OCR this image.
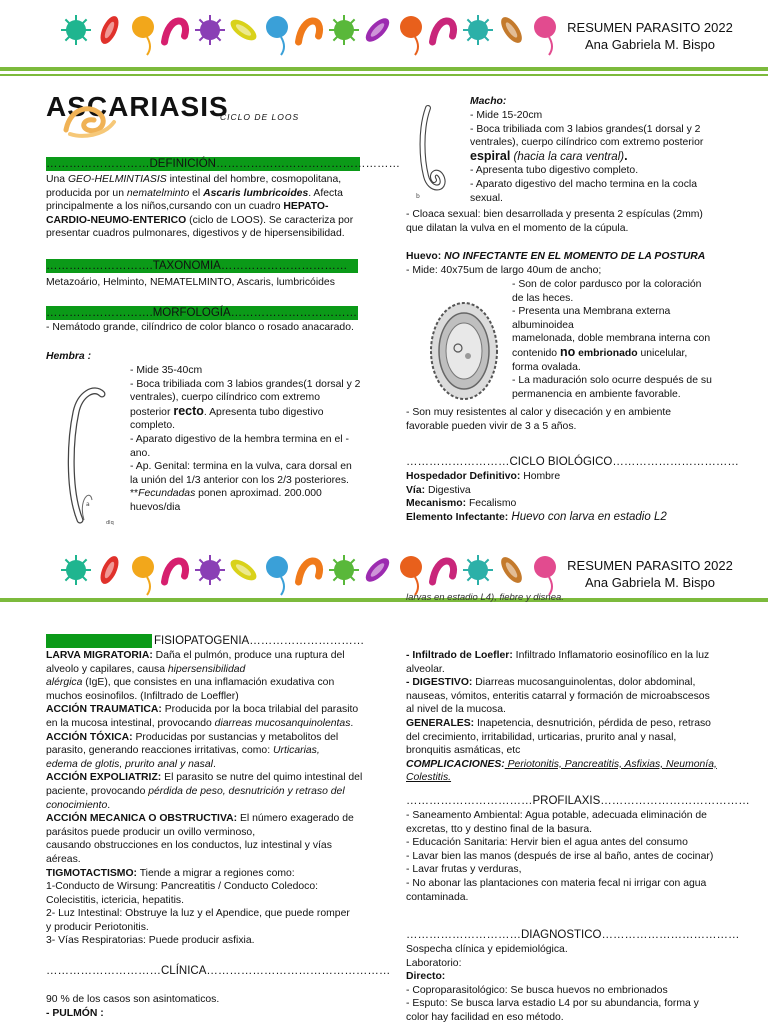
RESUMEN PARASITO 2022
Ana Gabriela M. Bispo
ASCARIASIS
CICLO DE LOOS
………………………DEFINICIÓN…………………………………………

Una GEO-HELMINTIASIS intestinal del hombre, cosmopolitana,

producida por un nematelminto el Ascaris lumbricoides. Afecta

principalmente a los niños,cursando con un cuadro HEPATO-

CARDIO-NEUMO-ENTERICO (ciclo de LOOS). Se caracteriza por

presentar cuadros pulmonares, digestivos y de hipersensibilidad.

……………………….TAXONOMIA……………………………
Metazoário, Helminto, NEMATELMINTO, Ascaris, lumbricóides
……………………….MORFOLOGÍA……………………………
- Nemátodo grande, cilíndrico de color blanco o rosado anacarado.
Hembra :
a
dlq

- Mide 35-40cm

- Boca tribiliada com 3 labios grandes(1 dorsal y 2

ventrales), cuerpo cilíndrico com extremo

posterior recto. Apresenta tubo digestivo

completo.

- Aparato digestivo de la hembra termina en el -

ano.

- Ap. Genital: termina en la vulva, cara dorsal en

la unión del 1/3 anterior con los 2/3 posteriores.

**Fecundadas ponen aproximad. 200.000

huevos/dia

Macho:
b

- Mide 15-20cm

- Boca tribiliada com 3 labios grandes(1 dorsal y 2

ventrales), cuerpo cilíndrico com extremo posterior

espiral (hacia la cara ventral).

- Apresenta tubo digestivo completo.

- Aparato digestivo del macho termina en la cocla

sexual.

- Cloaca sexual: bien desarrollada y presenta 2 espículas (2mm)

que dilatan la vulva en el momento de la cúpula.

Huevo: NO INFECTANTE EN EL MOMENTO DE LA POSTURA
- Mide: 40x75um de largo 40um de ancho;

- Son de color pardusco por la coloración

de las heces.

- Presenta una Membrana externa

albuminoidea

mamelonada, doble membrana interna con

contenido no embrionado unicelular,

forma ovalada.

- La maduración solo ocurre después de su

permanencia en ambiente favorable.

- Son muy resistentes al calor y disecación y en ambiente

favorable pueden vivir de 3 a 5 años.

………………………CICLO BIOLÓGICO……………………………

Hospedador Definitivo: Hombre

Vía: Digestiva

Mecanismo: Fecalismo

Elemento Infectante: Huevo con larva en estadio L2

RESUMEN PARASITO 2022
Ana Gabriela M. Bispo
larvas en estadio L4), fiebre y disnea.
FISIOPATOGENIA…………………………

LARVA MIGRATORIA: Daña el pulmón, produce una ruptura del

alveolo y capilares, causa hipersensibilidad

alérgica (IgE), que consistes en una inflamación exudativa con

muchos eosinofilos. (Infiltrado de Loeffler)

ACCIÓN TRAUMATICA: Producida por la boca trilabial del parasito

en la mucosa intestinal, provocando diarreas mucosanquinolentas.

ACCIÓN TÓXICA: Producidas por sustancias y metabolitos del

parasito, generando reacciones irritativas, como: Urticarias,

edema de glotis, prurito anal y nasal.

ACCIÓN EXPOLIATRIZ: El parasito se nutre del quimo intestinal del

paciente, provocando pérdida de peso, desnutrición y retraso del

conocimiento.

ACCIÓN MECANICA O OBSTRUCTIVA: El número exagerado de

parásitos puede producir un ovillo verminoso,

causando obstrucciones en los conductos, luz intestinal y vías

aéreas.

TIGMOTACTISMO: Tiende a migrar a regiones como:

1-Conducto de Wirsung: Pancreatitis / Conducto Coledoco:

Colecistitis, ictericia, hepatitis.

2- Luz Intestinal: Obstruye la luz y el Apendice, que puede romper

y producir Periotonitis.

3- Vías Respiratorias: Puede producir asfixia.

…………………………CLÍNICA…………………………………………

90 % de los casos son asintomaticos.

- PULMÓN :

- Infiltrado de Loefler: Infiltrado Inflamatorio eosinofílico en la luz

alveolar.

- DIGESTIVO: Diarreas mucosanguinolentas, dolor abdominal,

nauseas, vómitos, enteritis catarral y formación de microabscesos

al nivel de la mucosa.

GENERALES: Inapetencia, desnutrición, pérdida de peso, retraso

del crecimiento, irritabilidad, urticarias, prurito anal y nasal,

bronquitis asmáticas, etc

COMPLICACIONES: Periotonitis, Pancreatitis, Asfixias, Neumonía,

Colestitis.

……………………………PROFILAXIS…………………………………

- Saneamento Ambiental: Agua potable, adecuada eliminación de

excretas, tto y destino final de la basura.

- Educación Sanitaria: Hervir bien el agua antes del consumo

- Lavar bien las manos (después de irse al baño, antes de cocinar)

- Lavar frutas y verduras,

- No abonar las plantaciones con materia fecal ni irrigar con agua

contaminada.

…………………………DIAGNOSTICO………………………………

Sospecha clínica y epidemiológica.

Laboratorio:

Directo:

- Coproparasitológico: Se busca huevos no embrionados

- Esputo: Se busca larva estadio L4 por su abundancia, forma y

color hay facilidad en eso método.
